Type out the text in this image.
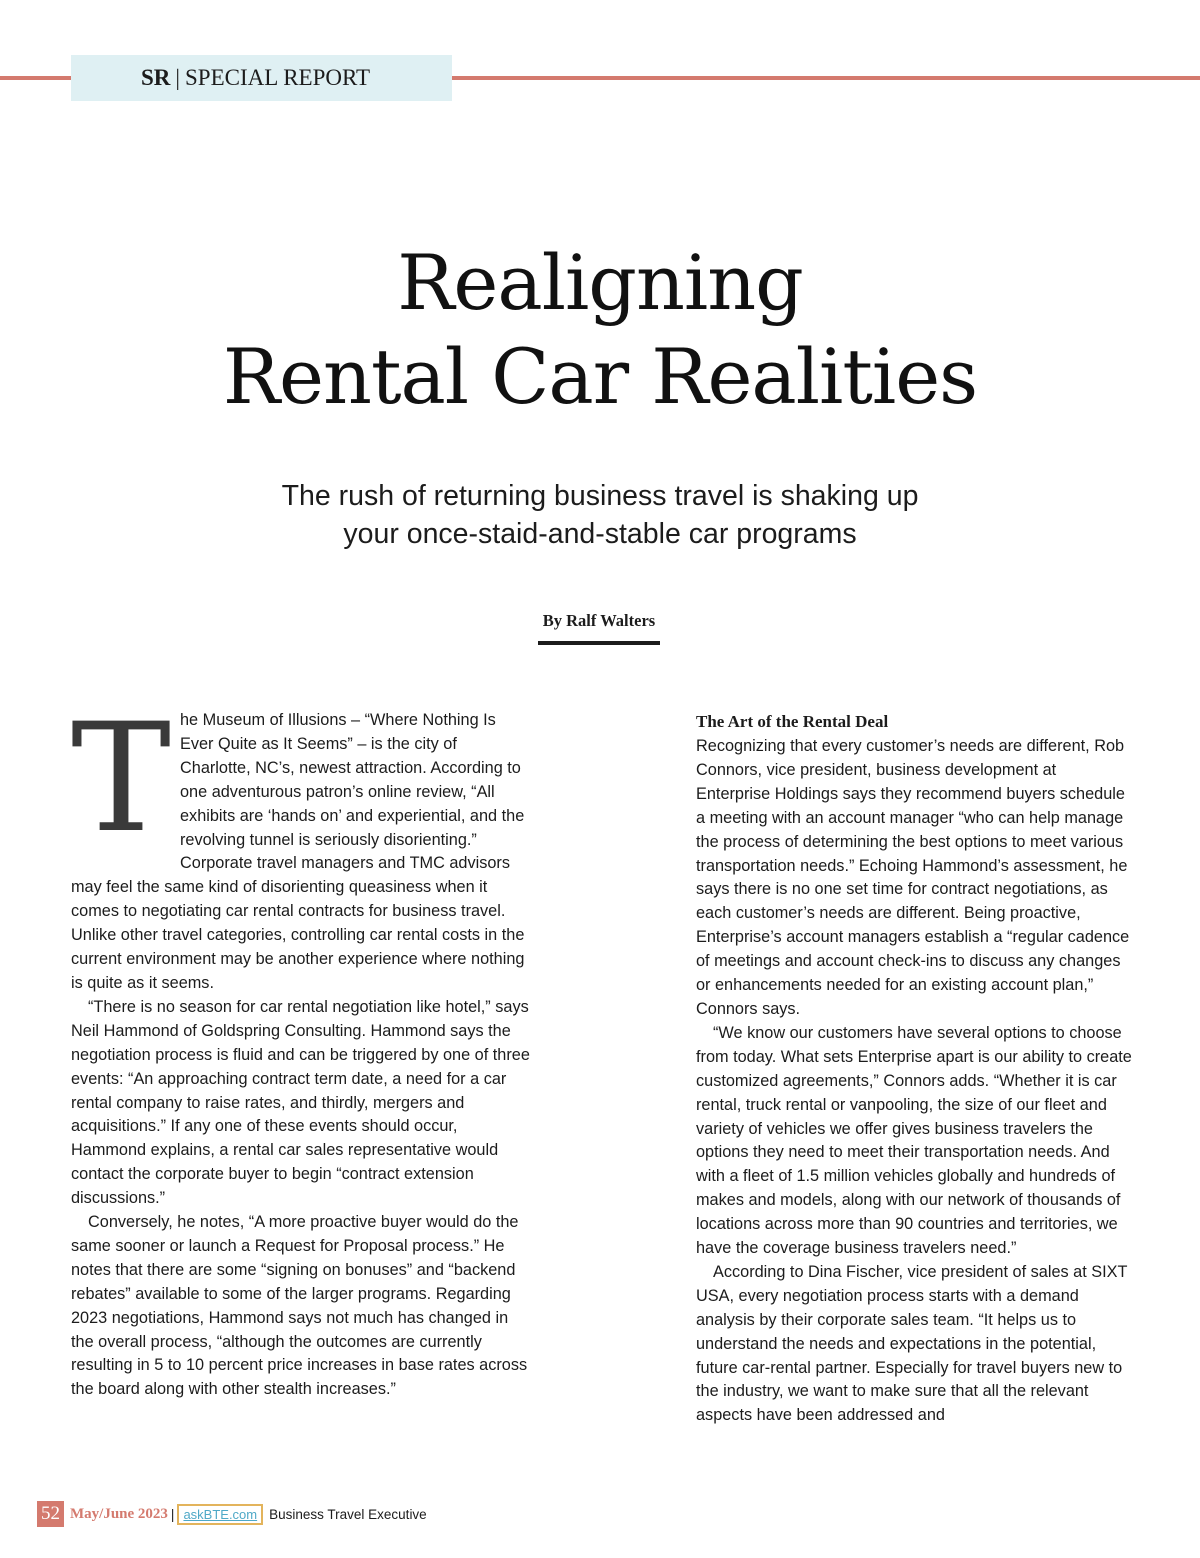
SR | SPECIAL REPORT
Realigning
Rental Car Realities
The rush of returning business travel is shaking up
your once-staid-and-stable car programs
By Ralf Walters

The Museum of Illusions – “Where Nothing Is Ever Quite as It Seems” – is the city of Charlotte, NC’s, newest attraction. According to one adventurous patron’s online review, “All exhibits are ‘hands on’ and experiential, and the revolving tunnel is seriously disorienting.” Corporate travel managers and TMC advisors may feel the same kind of disorienting queasiness when it comes to negotiating car rental contracts for business travel. Unlike other travel categories, controlling car rental costs in the current environment may be another experience where nothing is quite as it seems.

“There is no season for car rental negotiation like hotel,” says Neil Hammond of Goldspring Consulting. Hammond says the negotiation process is fluid and can be triggered by one of three events: “An approaching contract term date, a need for a car rental company to raise rates, and thirdly, mergers and acquisitions.” If any one of these events should occur, Hammond explains, a rental car sales representative would contact the corporate buyer to begin “contract extension discussions.”

Conversely, he notes, “A more proactive buyer would do the same sooner or launch a Request for Proposal process.” He notes that there are some “signing on bonuses” and “backend rebates” available to some of the larger programs. Regarding 2023 negotiations, Hammond says not much has changed in the overall process, “although the outcomes are currently resulting in 5 to 10 percent price increases in base rates across the board along with other stealth increases.”

The Art of the Rental Deal

Recognizing that every customer’s needs are different, Rob Connors, vice president, business development at Enterprise Holdings says they recommend buyers schedule a meeting with an account manager “who can help manage the process of determining the best options to meet various transportation needs.” Echoing Hammond’s assessment, he says there is no one set time for contract negotiations, as each customer’s needs are different. Being proactive, Enterprise’s account managers establish a “regular cadence of meetings and account check-ins to discuss any changes or enhancements needed for an existing account plan,” Connors says.

“We know our customers have several options to choose from today. What sets Enterprise apart is our ability to create customized agreements,” Connors adds. “Whether it is car rental, truck rental or vanpooling, the size of our fleet and variety of vehicles we offer gives business travelers the options they need to meet their transportation needs. And with a fleet of 1.5 million vehicles globally and hundreds of makes and models, along with our network of thousands of locations across more than 90 countries and territories, we have the coverage business travelers need.”

According to Dina Fischer, vice president of sales at SIXT USA, every negotiation process starts with a demand analysis by their corporate sales team. “It helps us to understand the needs and expectations in the potential, future car-rental partner. Especially for travel buyers new to the industry, we want to make sure that all the relevant aspects have been addressed and

52 May/June 2023 | askBTE.com Business Travel Executive
